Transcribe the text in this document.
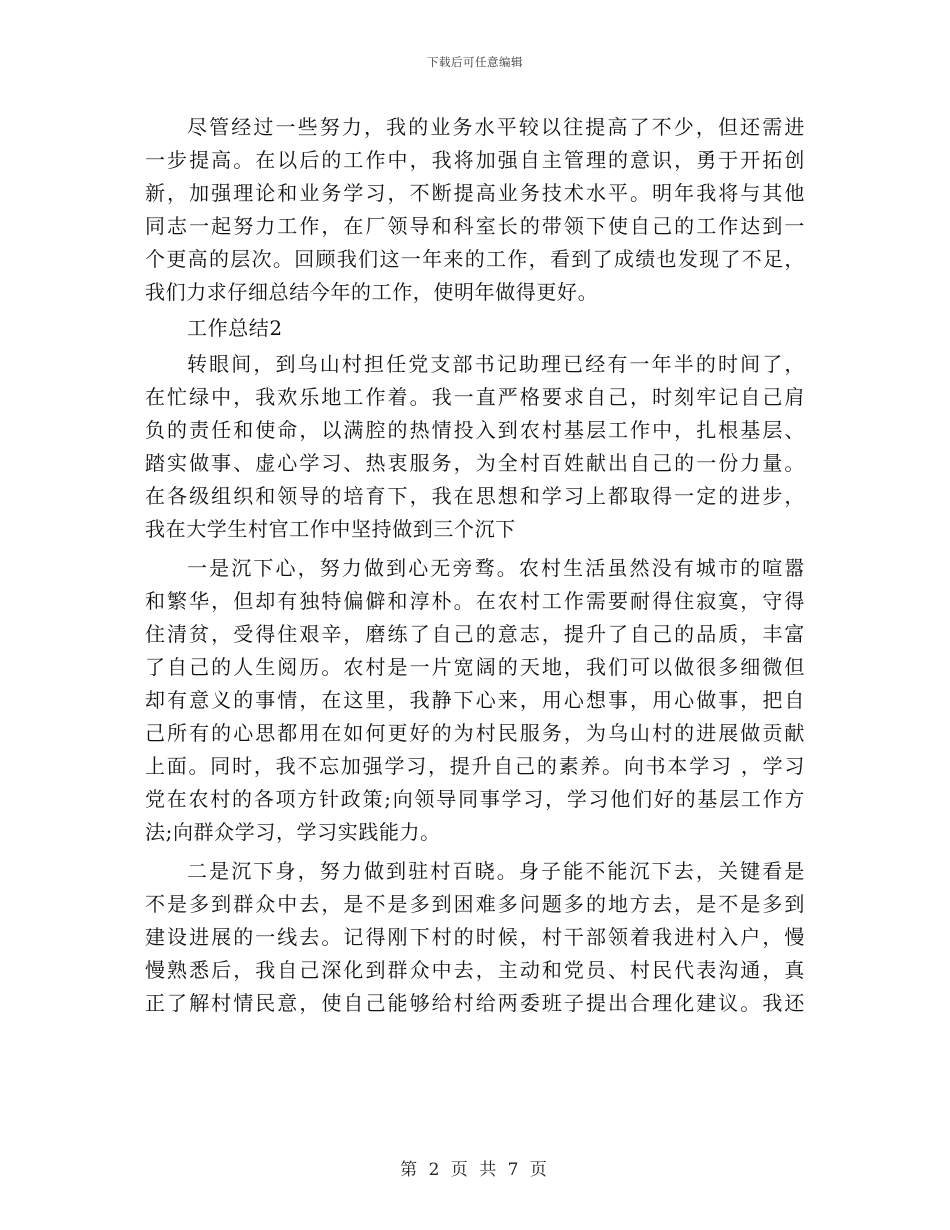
下载后可任意编辑
尽管经过一些努力，我的业务水平较以往提高了不少，但还需进
一步提高。在以后的工作中，我将加强自主管理的意识，勇于开拓创
新，加强理论和业务学习，不断提高业务技术水平。明年我将与其他
同志一起努力工作，在厂领导和科室长的带领下使自己的工作达到一
个更高的层次。回顾我们这一年来的工作，看到了成绩也发现了不足，
我们力求仔细总结今年的工作，使明年做得更好。
工作总结2
转眼间，到乌山村担任党支部书记助理已经有一年半的时间了，
在忙绿中，我欢乐地工作着。我一直严格要求自己，时刻牢记自己肩
负的责任和使命，以满腔的热情投入到农村基层工作中，扎根基层、
踏实做事、虚心学习、热衷服务，为全村百姓献出自己的一份力量。
在各级组织和领导的培育下，我在思想和学习上都取得一定的进步，
我在大学生村官工作中坚持做到三个沉下
一是沉下心，努力做到心无旁骛。农村生活虽然没有城市的喧嚣
和繁华，但却有独特偏僻和淳朴。在农村工作需要耐得住寂寞，守得
住清贫，受得住艰辛，磨练了自己的意志，提升了自己的品质，丰富
了自己的人生阅历。农村是一片宽阔的天地，我们可以做很多细微但
却有意义的事情，在这里，我静下心来，用心想事，用心做事，把自
己所有的心思都用在如何更好的为村民服务，为乌山村的进展做贡献
上面。同时，我不忘加强学习，提升自己的素养。向书本学习 ，学习
党在农村的各项方针政策;向领导同事学习，学习他们好的基层工作方
法;向群众学习，学习实践能力。
二是沉下身，努力做到驻村百晓。身子能不能沉下去，关键看是
不是多到群众中去，是不是多到困难多问题多的地方去，是不是多到
建设进展的一线去。记得刚下村的时候，村干部领着我进村入户，慢
慢熟悉后，我自己深化到群众中去，主动和党员、村民代表沟通，真
正了解村情民意，使自己能够给村给两委班子提出合理化建议。我还
第 2 页 共 7 页
